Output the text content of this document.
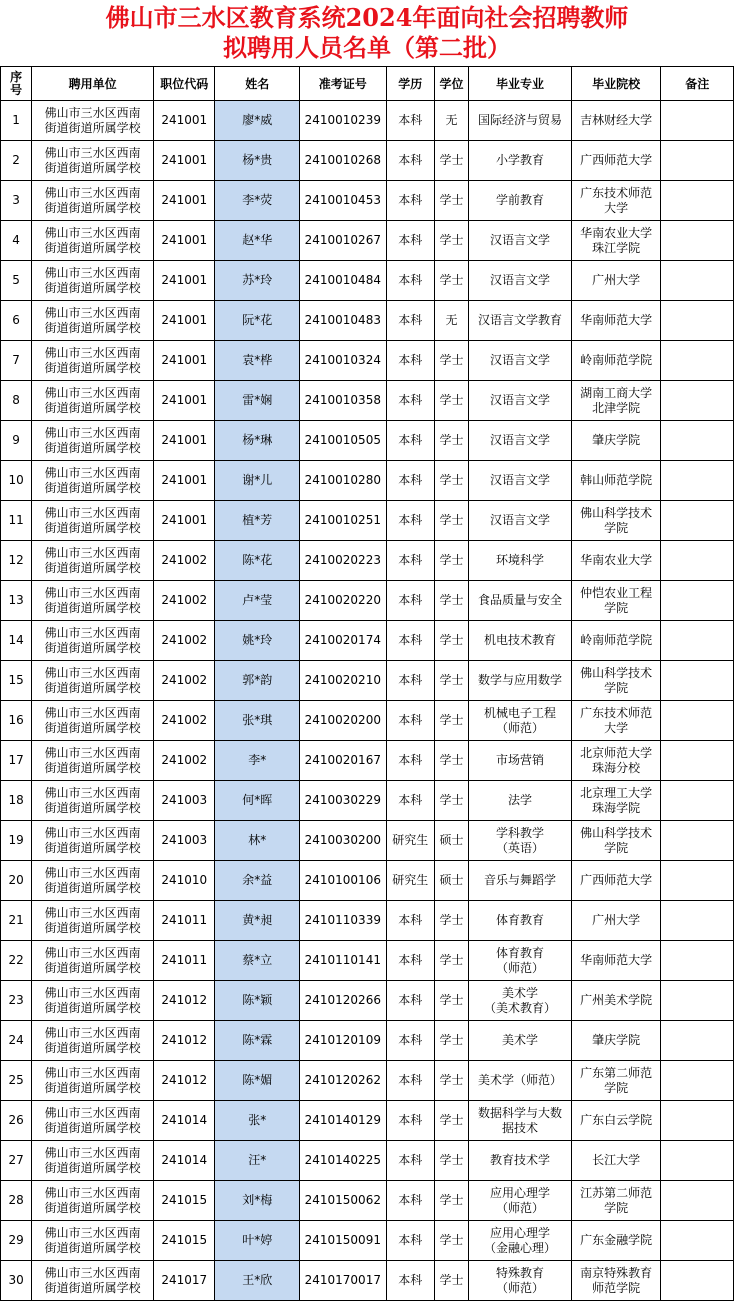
佛山市三水区教育系统2024年面向社会招聘教师
拟聘用人员名单（第二批）
序
号	聘用单位	职位代码	姓名	准考证号	学历	学位	毕业专业	毕业院校	备注
1	佛山市三水区西南
街道街道所属学校	241001	廖*威	2410010239	本科	无	国际经济与贸易	吉林财经大学	
2	佛山市三水区西南
街道街道所属学校	241001	杨*贵	2410010268	本科	学士	小学教育	广西师范大学	
3	佛山市三水区西南
街道街道所属学校	241001	李*荧	2410010453	本科	学士	学前教育	广东技术师范
大学	
4	佛山市三水区西南
街道街道所属学校	241001	赵*华	2410010267	本科	学士	汉语言文学	华南农业大学
珠江学院	
5	佛山市三水区西南
街道街道所属学校	241001	苏*玲	2410010484	本科	学士	汉语言文学	广州大学	
6	佛山市三水区西南
街道街道所属学校	241001	阮*花	2410010483	本科	无	汉语言文学教育	华南师范大学	
7	佛山市三水区西南
街道街道所属学校	241001	袁*桦	2410010324	本科	学士	汉语言文学	岭南师范学院	
8	佛山市三水区西南
街道街道所属学校	241001	雷*娴	2410010358	本科	学士	汉语言文学	湖南工商大学
北津学院	
9	佛山市三水区西南
街道街道所属学校	241001	杨*琳	2410010505	本科	学士	汉语言文学	肇庆学院	
10	佛山市三水区西南
街道街道所属学校	241001	谢*儿	2410010280	本科	学士	汉语言文学	韩山师范学院	
11	佛山市三水区西南
街道街道所属学校	241001	植*芳	2410010251	本科	学士	汉语言文学	佛山科学技术
学院	
12	佛山市三水区西南
街道街道所属学校	241002	陈*花	2410020223	本科	学士	环境科学	华南农业大学	
13	佛山市三水区西南
街道街道所属学校	241002	卢*莹	2410020220	本科	学士	食品质量与安全	仲恺农业工程
学院	
14	佛山市三水区西南
街道街道所属学校	241002	姚*玲	2410020174	本科	学士	机电技术教育	岭南师范学院	
15	佛山市三水区西南
街道街道所属学校	241002	郭*韵	2410020210	本科	学士	数学与应用数学	佛山科学技术
学院	
16	佛山市三水区西南
街道街道所属学校	241002	张*琪	2410020200	本科	学士	机械电子工程
（师范）	广东技术师范
大学	
17	佛山市三水区西南
街道街道所属学校	241002	李*	2410020167	本科	学士	市场营销	北京师范大学
珠海分校	
18	佛山市三水区西南
街道街道所属学校	241003	何*晖	2410030229	本科	学士	法学	北京理工大学
珠海学院	
19	佛山市三水区西南
街道街道所属学校	241003	林*	2410030200	研究生	硕士	学科教学
（英语）	佛山科学技术
学院	
20	佛山市三水区西南
街道街道所属学校	241010	余*益	2410100106	研究生	硕士	音乐与舞蹈学	广西师范大学	
21	佛山市三水区西南
街道街道所属学校	241011	黄*昶	2410110339	本科	学士	体育教育	广州大学	
22	佛山市三水区西南
街道街道所属学校	241011	蔡*立	2410110141	本科	学士	体育教育
（师范）	华南师范大学	
23	佛山市三水区西南
街道街道所属学校	241012	陈*颖	2410120266	本科	学士	美术学
（美术教育）	广州美术学院	
24	佛山市三水区西南
街道街道所属学校	241012	陈*霖	2410120109	本科	学士	美术学	肇庆学院	
25	佛山市三水区西南
街道街道所属学校	241012	陈*媚	2410120262	本科	学士	美术学（师范）	广东第二师范
学院	
26	佛山市三水区西南
街道街道所属学校	241014	张*	2410140129	本科	学士	数据科学与大数
据技术	广东白云学院	
27	佛山市三水区西南
街道街道所属学校	241014	汪*	2410140225	本科	学士	教育技术学	长江大学	
28	佛山市三水区西南
街道街道所属学校	241015	刘*梅	2410150062	本科	学士	应用心理学
（师范）	江苏第二师范
学院	
29	佛山市三水区西南
街道街道所属学校	241015	叶*婷	2410150091	本科	学士	应用心理学
（金融心理）	广东金融学院	
30	佛山市三水区西南
街道街道所属学校	241017	王*欣	2410170017	本科	学士	特殊教育
（师范）	南京特殊教育
师范学院	
